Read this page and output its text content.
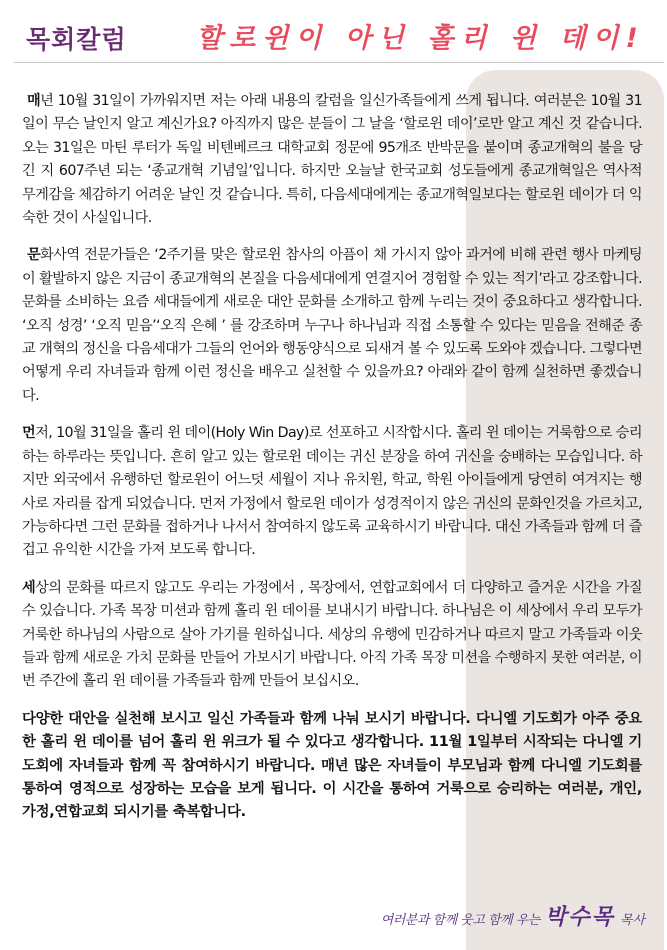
목회칼럼	할로윈이 아닌 홀리 윈 데이!

매년 10월 31일이 가까워지면 저는 아래 내용의 칼럼을 일신가족들에게 쓰게 됩니다. 여러분은 10월 31일이 무슨 날인지 알고 계신가요? 아직까지 많은 분들이 그 날을 ‘할로윈 데이’로만 알고 계신 것 같습니다. 오는 31일은 마틴 루터가 독일 비텐베르크 대학교회 정문에 95개조 반박문을 붙이며 종교개혁의 불을 당긴 지 607주년 되는 ‘종교개혁 기념일’입니다. 하지만 오늘날 한국교회 성도들에게 종교개혁일은 역사적 무게감을 체감하기 어려운 날인 것 같습니다. 특히, 다음세대에게는 종교개혁일보다는 할로윈 데이가 더 익숙한 것이 사실입니다.

문화사역 전문가들은 ‘2주기를 맞은 할로윈 참사의 아픔이 채 가시지 않아 과거에 비해 관련 행사 마케팅이 활발하지 않은 지금이 종교개혁의 본질을 다음세대에게 연결지어 경험할 수 있는 적기’라고 강조합니다. 문화를 소비하는 요즘 세대들에게 새로운 대안 문화를 소개하고 함께 누리는 것이 중요하다고 생각합니다. ‘오직 성경’ ‘오직 믿음’‘오직 은혜 ’ 를 강조하며 누구나 하나님과 직접 소통할 수 있다는 믿음을 전해준 종교 개혁의 정신을 다음세대가 그들의 언어와 행동양식으로 되새겨 볼 수 있도록 도와야 겠습니다. 그렇다면 어떻게 우리 자녀들과 함께 이런 정신을 배우고 실천할 수 있을까요? 아래와 같이 함께 실천하면 좋겠습니다.

먼저, 10월 31일을 홀리 윈 데이(Holy Win Day)로 선포하고 시작합시다. 홀리 윈 데이는 거룩함으로 승리하는 하루라는 뜻입니다. 흔히 알고 있는 할로윈 데이는 귀신 분장을 하여 귀신을 숭배하는 모습입니다. 하지만 외국에서 유행하던 할로윈이 어느덧 세월이 지나 유치원, 학교, 학원 아이들에게 당연히 여겨지는 행사로 자리를 잡게 되었습니다. 먼저 가정에서 할로윈 데이가 성경적이지 않은 귀신의 문화인것을 가르치고, 가능하다면 그런 문화를 접하거나 나서서 참여하지 않도록 교육하시기 바랍니다. 대신 가족들과 함께 더 즐겁고 유익한 시간을 가져 보도록 합니다.

세상의 문화를 따르지 않고도 우리는 가정에서 , 목장에서, 연합교회에서 더 다양하고 즐거운 시간을 가질 수 있습니다. 가족 목장 미션과 함께 홀리 윈 데이를 보내시기 바랍니다. 하나님은 이 세상에서 우리 모두가 거룩한 하나님의 사람으로 살아 가기를 원하십니다. 세상의 유행에 민감하거나 따르지 말고 가족들과 이웃들과 함께 새로운 가치 문화를 만들어 가보시기 바랍니다. 아직 가족 목장 미션을 수행하지 못한 여러분, 이번 주간에 홀리 윈 데이를 가족들과 함께 만들어 보십시오.

다양한 대안을 실천해 보시고 일신 가족들과 함께 나눠 보시기 바랍니다. 다니엘 기도회가 아주 중요한 홀리 윈 데이를 넘어 홀리 윈 위크가 될 수 있다고 생각합니다. 11월 1일부터 시작되는 다니엘 기도회에 자녀들과 함께 꼭 참여하시기 바랍니다. 매년 많은 자녀들이 부모님과 함께 다니엘 기도회를 통하여 영적으로 성장하는 모습을 보게 됩니다. 이 시간을 통하여 거룩으로 승리하는 여러분, 개인, 가정,연합교회 되시기를 축복합니다.

여러분과 함께 웃고 함께 우는 박수목 목사
